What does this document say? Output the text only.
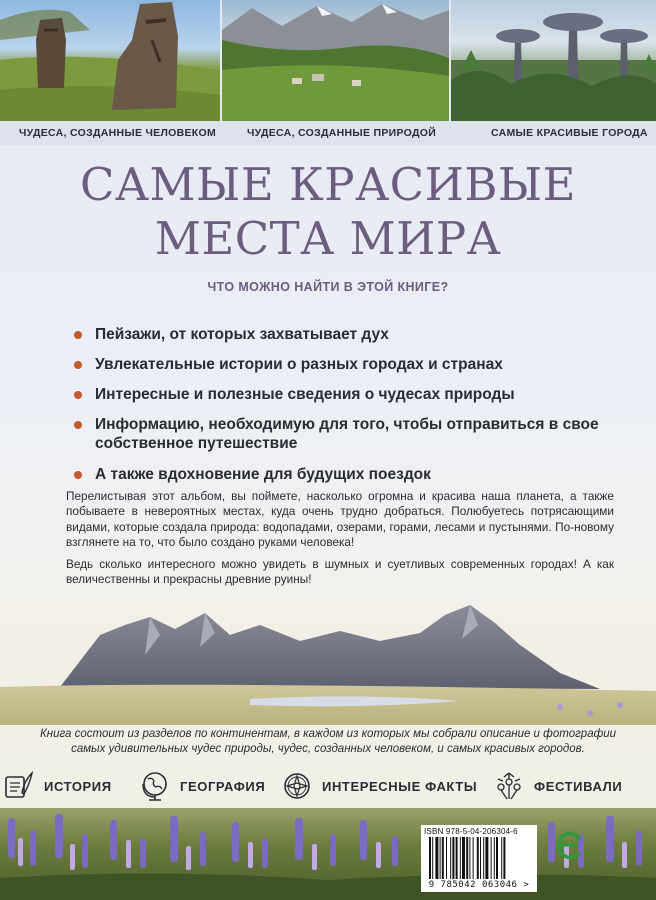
ЧУДЕСА, СОЗДАННЫЕ ЧЕЛОВЕКОМ	ЧУДЕСА, СОЗДАННЫЕ ПРИРОДОЙ	САМЫЕ КРАСИВЫЕ ГОРОДА
САМЫЕ КРАСИВЫЕ
МЕСТА МИРА
ЧТО МОЖНО НАЙТИ В ЭТОЙ КНИГЕ?
Пейзажи, от которых захватывает дух
Увлекательные истории о разных городах и странах
Интересные и полезные сведения о чудесах природы
Информацию, необходимую для того, чтобы отправиться в свое собственное путешествие
А также вдохновение для будущих поездок

Перелистывая этот альбом, вы поймете, насколько огромна и красива наша планета, а также побываете в невероятных местах, куда очень трудно добраться. Полюбуетесь потрясающими видами, которые создала природа: водопадами, озерами, горами, лесами и пустынями. По-новому взглянете на то, что было создано руками человека!

Ведь сколько интересного можно увидеть в шумных и суетливых современных городах! А как величественны и прекрасны древние руины!

Книга состоит из разделов по континентам, в каждом из которых мы собрали описание и фотографии
самых удивительных чудес природы, чудес, созданных человеком, и самых красивых городов.
ИСТОРИЯ	ГЕОГРАФИЯ	ИНТЕРЕСНЫЕ ФАКТЫ	ФЕСТИВАЛИ
ISBN 978-5-04-206304-6
9 785042 063046 >
